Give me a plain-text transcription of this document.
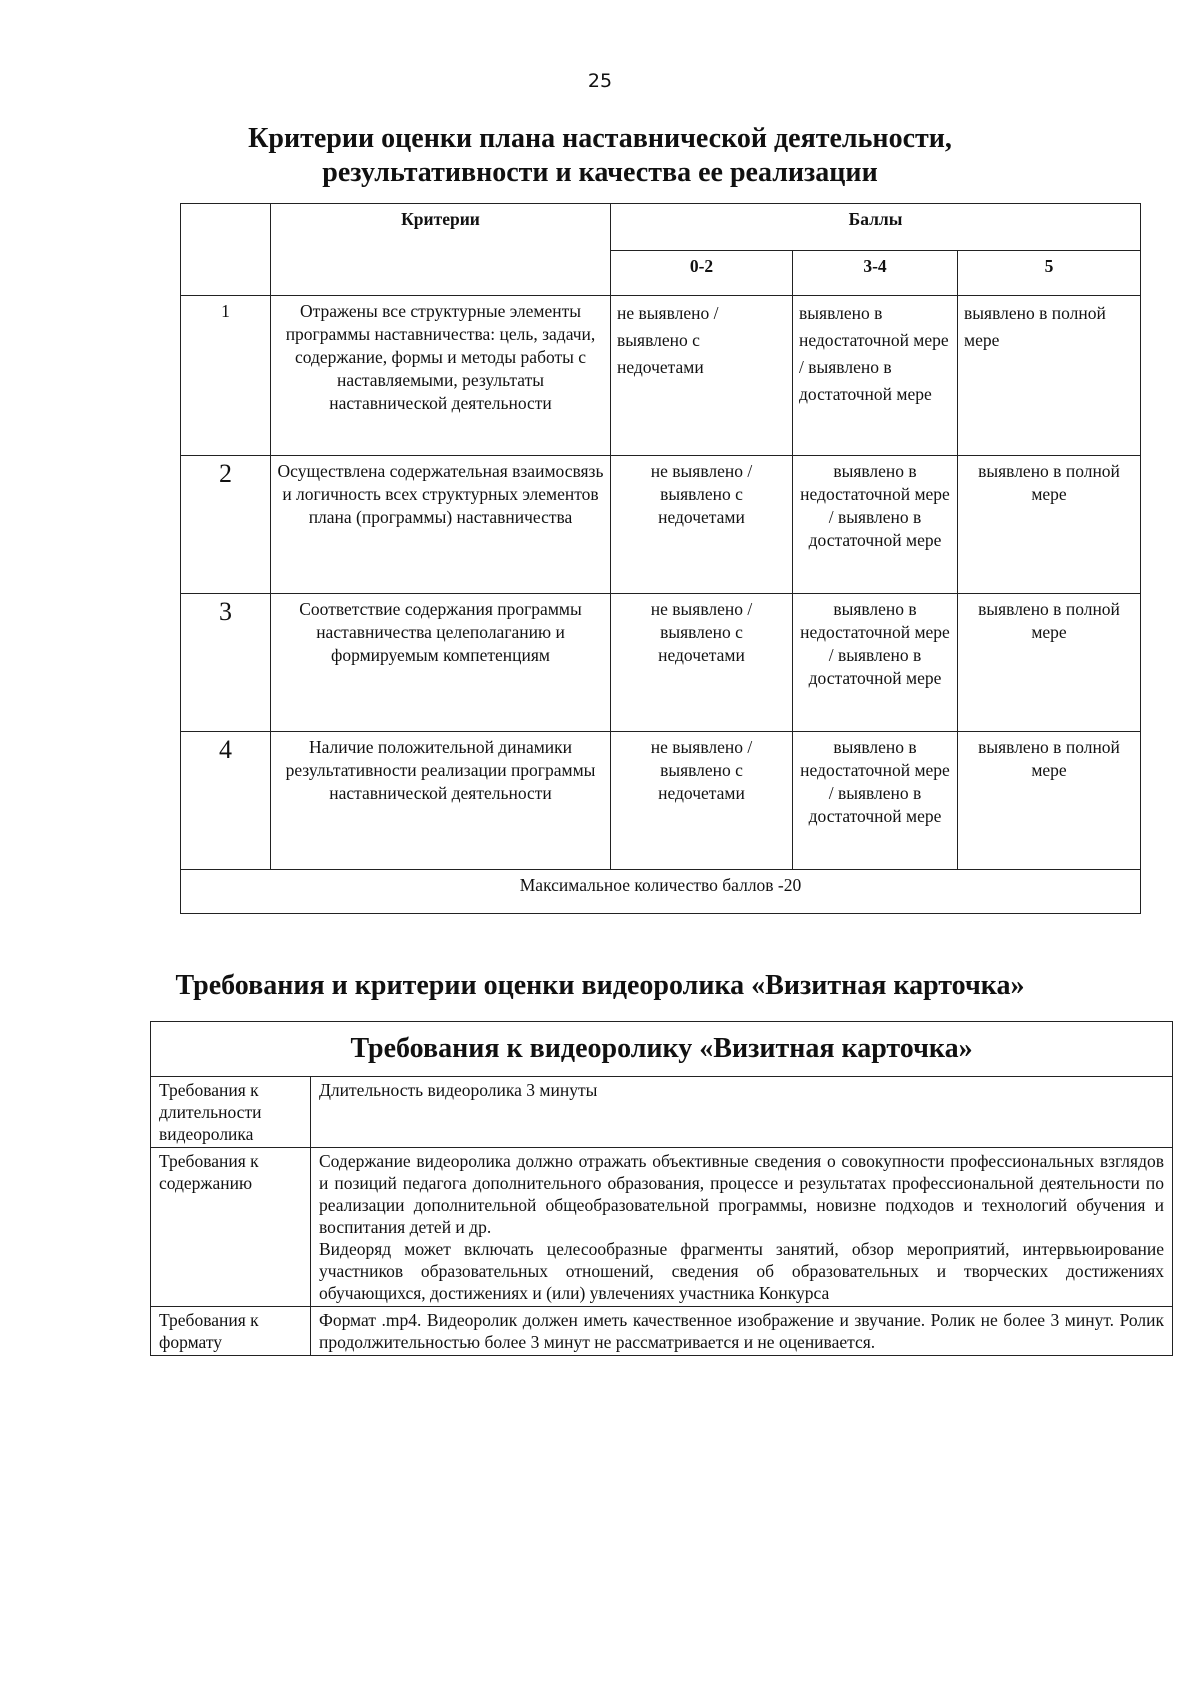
25
Критерии оценки плана наставнической деятельности,
результативности и качества ее реализации
	Критерии	Баллы		
		0-2	3-4	5
1	Отражены все структурные элементы программы наставничества: цель, задачи, содержание, формы и методы работы с наставляемыми, результаты наставнической деятельности	не выявлено / выявлено с недочетами	выявлено в недостаточной мере / выявлено в достаточной мере	выявлено в полной мере
2	Осуществлена содержательная взаимосвязь и логичность всех структурных элементов плана (программы) наставничества	не выявлено / выявлено с недочетами	выявлено в недостаточной мере / выявлено в достаточной мере	выявлено в полной мере
3	Соответствие содержания программы наставничества целеполаганию и формируемым компетенциям	не выявлено / выявлено с недочетами	выявлено в недостаточной мере / выявлено в достаточной мере	выявлено в полной мере
4	Наличие положительной динамики результативности реализации программы наставнической деятельности	не выявлено / выявлено с недочетами	выявлено в недостаточной мере / выявлено в достаточной мере	выявлено в полной мере
Максимальное количество баллов -20				
Требования и критерии оценки видеоролика «Визитная карточка»
Требования к видеоролику «Визитная карточка»	
Требования к длительности видеоролика	Длительность видеоролика 3 минуты
Требования к содержанию	Содержание видеоролика должно отражать объективные сведения о совокупности профессиональных взглядов и позиций педагога дополнительного образования, процессе и результатах профессиональной деятельности по реализации дополнительной общеобразовательной программы, новизне подходов и технологий обучения и воспитания детей и др.

Видеоряд может включать целесообразные фрагменты занятий, обзор мероприятий, интервьюирование участников образовательных отношений, сведения об образовательных и творческих достижениях обучающихся, достижениях и (или) увлечениях участника Конкурса

Требования к формату	Формат .mp4. Видеоролик должен иметь качественное изображение и звучание. Ролик не более 3 минут. Ролик продолжительностью более 3 минут не рассматривается и не оценивается.
